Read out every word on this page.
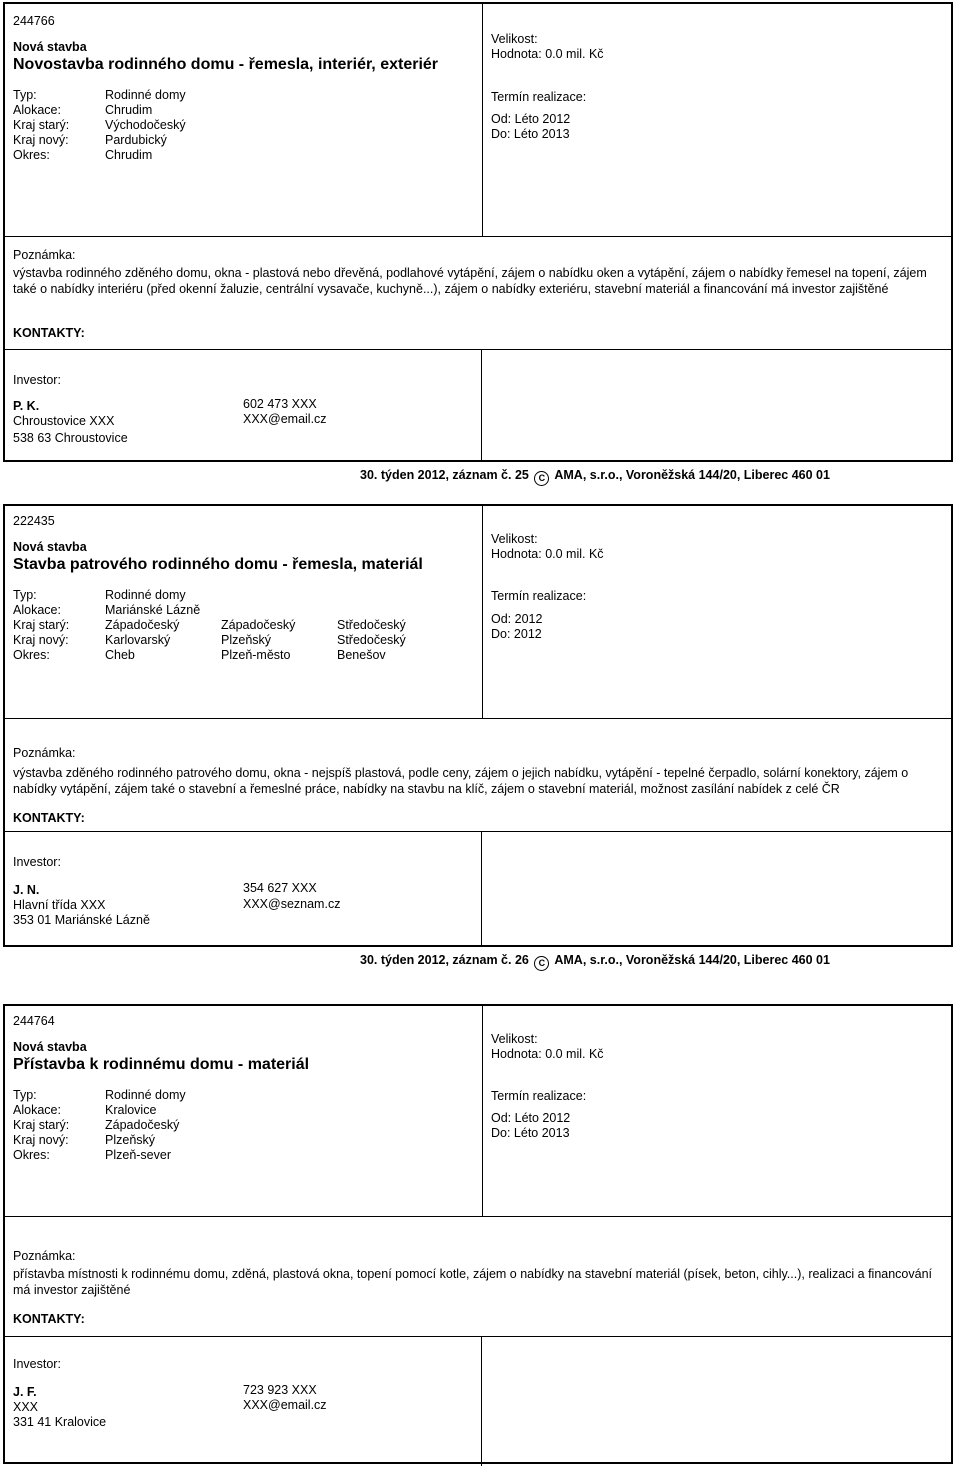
244766
Nová stavba
Novostavba rodinného domu - řemesla, interiér, exteriér
Typ:	Rodinné domy
Alokace:	Chrudim
Kraj starý:	Východočeský
Kraj nový:	Pardubický
Okres:	Chrudim
Velikost:
Hodnota: 0.0 mil. Kč
Termín realizace:
Od: Léto 2012
Do: Léto 2013
Poznámka:
výstavba rodinného zděného domu, okna - plastová nebo dřevěná, podlahové vytápění, zájem o nabídku oken a vytápění, zájem o nabídky řemesel na topení, zájem také o nabídky interiéru (před okenní žaluzie, centrální vysavače, kuchyně...), zájem o nabídky exteriéru, stavební materiál a financování má investor zajištěné
KONTAKTY:
Investor:
P. K.
Chroustovice XXX
538 63 Chroustovice
602 473 XXX
XXX@email.cz
30. týden 2012, záznam č. 25 C AMA, s.r.o., Voroněžská 144/20, Liberec 460 01
222435
Nová stavba
Stavba patrového rodinného domu - řemesla, materiál
Typ:	Rodinné domy
Alokace:	Mariánské Lázně
Kraj starý:	Západočeský	Západočeský	Středočeský
Kraj nový:	Karlovarský	Plzeňský	Středočeský
Okres:	Cheb	Plzeň-město	Benešov
Velikost:
Hodnota: 0.0 mil. Kč
Termín realizace:
Od: 2012
Do: 2012
Poznámka:
výstavba zděného rodinného patrového domu, okna - nejspíš plastová, podle ceny, zájem o jejich nabídku, vytápění - tepelné čerpadlo, solární konektory, zájem o nabídky vytápění, zájem také o stavební a řemeslné práce, nabídky na stavbu na klíč, zájem o stavební materiál, možnost zasílání nabídek z celé ČR
KONTAKTY:
Investor:
J. N.
Hlavní třída XXX
353 01 Mariánské Lázně
354 627 XXX
XXX@seznam.cz
30. týden 2012, záznam č. 26 C AMA, s.r.o., Voroněžská 144/20, Liberec 460 01
244764
Nová stavba
Přístavba k rodinnému domu - materiál
Typ:	Rodinné domy
Alokace:	Kralovice
Kraj starý:	Západočeský
Kraj nový:	Plzeňský
Okres:	Plzeň-sever
Velikost:
Hodnota: 0.0 mil. Kč
Termín realizace:
Od: Léto 2012
Do: Léto 2013
Poznámka:
přístavba místnosti k rodinnému domu, zděná, plastová okna, topení pomocí kotle, zájem o nabídky na stavební materiál (písek, beton, cihly...), realizaci a financování má investor zajištěné
KONTAKTY:
Investor:
J. F.
XXX
331 41 Kralovice
723 923 XXX
XXX@email.cz
